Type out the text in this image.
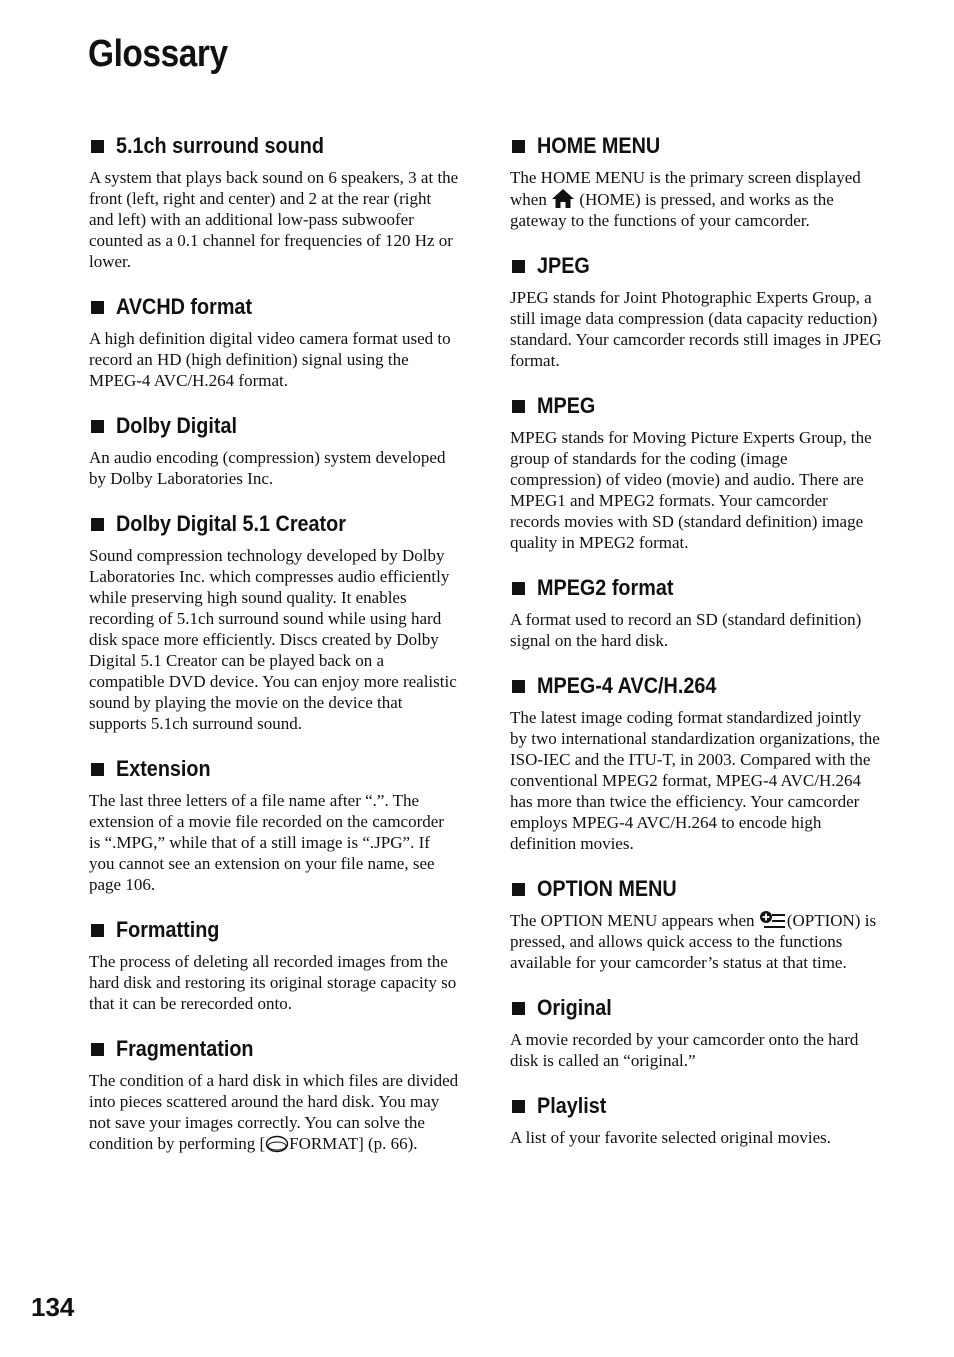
Glossary
5.1ch surround sound

A system that plays back sound on 6 speakers, 3 at the front (left, right and center) and 2 at the rear (right and left) with an additional low-pass subwoofer counted as a 0.1 channel for frequencies of 120 Hz or lower.

AVCHD format

A high definition digital video camera format used to record an HD (high definition) signal using the MPEG-4 AVC/H.264 format.

Dolby Digital

An audio encoding (compression) system developed by Dolby Laboratories Inc.

Dolby Digital 5.1 Creator

Sound compression technology developed by Dolby Laboratories Inc. which compresses audio efficiently while preserving high sound quality. It enables recording of 5.1ch surround sound while using hard disk space more efficiently. Discs created by Dolby Digital 5.1 Creator can be played back on a compatible DVD device. You can enjoy more realistic sound by playing the movie on the device that supports 5.1ch surround sound.

Extension

The last three letters of a file name after “.”. The extension of a movie file recorded on the camcorder is “.MPG,” while that of a still image is “.JPG”. If you cannot see an extension on your file name, see page 106.

Formatting

The process of deleting all recorded images from the hard disk and restoring its original storage capacity so that it can be rerecorded onto.

Fragmentation

The condition of a hard disk in which files are divided into pieces scattered around the hard disk. You may not save your images correctly. You can solve the condition by performing [ FORMAT] (p. 66).

HOME MENU

The HOME MENU is the primary screen displayed when  (HOME) is pressed, and works as the gateway to the functions of your camcorder.

JPEG

JPEG stands for Joint Photographic Experts Group, a still image data compression (data capacity reduction) standard. Your camcorder records still images in JPEG format.

MPEG

MPEG stands for Moving Picture Experts Group, the group of standards for the coding (image compression) of video (movie) and audio. There are MPEG1 and MPEG2 formats. Your camcorder records movies with SD (standard definition) image quality in MPEG2 format.

MPEG2 format

A format used to record an SD (standard definition) signal on the hard disk.

MPEG-4 AVC/H.264

The latest image coding format standardized jointly by two international standardization organizations, the ISO-IEC and the ITU-T, in 2003. Compared with the conventional MPEG2 format, MPEG-4 AVC/H.264 has more than twice the efficiency. Your camcorder employs MPEG-4 AVC/H.264 to encode high definition movies.

OPTION MENU

The OPTION MENU appears when (OPTION) is pressed, and allows quick access to the functions available for your camcorder’s status at that time.

Original

A movie recorded by your camcorder onto the hard disk is called an “original.”

Playlist

A list of your favorite selected original movies.

134
